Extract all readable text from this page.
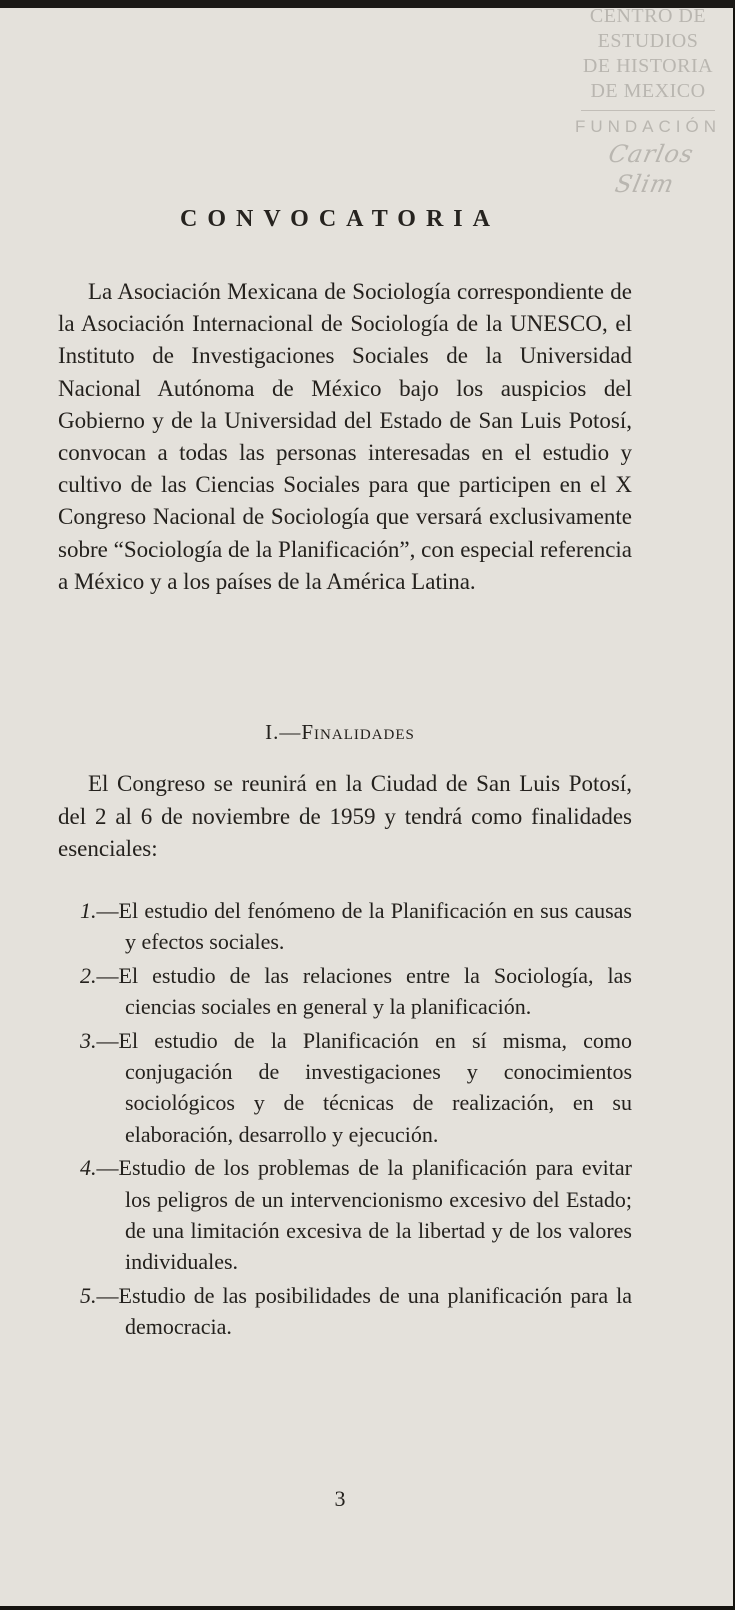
CENTRO DE
ESTUDIOS
DE HISTORIA
DE MEXICO
FUNDACIÓN
Carlos Slim
CONVOCATORIA

La Asociación Mexicana de Sociología correspondiente de la Asociación Internacional de Sociología de la UNESCO, el Instituto de Investigaciones Sociales de la Universidad Nacional Autónoma de México bajo los auspicios del Gobierno y de la Universidad del Estado de San Luis Potosí, convocan a todas las personas interesadas en el estudio y cultivo de las Ciencias Sociales para que participen en el X Congreso Nacional de Sociología que versará exclusivamente sobre “Sociología de la Planificación”, con especial referencia a México y a los países de la América Latina.

I.—Finalidades

El Congreso se reunirá en la Ciudad de San Luis Potosí, del 2 al 6 de noviembre de 1959 y tendrá como finalidades esenciales:

1.—El estudio del fenómeno de la Planificación en sus causas y efectos sociales.
2.—El estudio de las relaciones entre la Sociología, las ciencias sociales en general y la planificación.
3.—El estudio de la Planificación en sí misma, como conjugación de investigaciones y conocimientos sociológicos y de técnicas de realización, en su elaboración, desarrollo y ejecución.
4.—Estudio de los problemas de la planificación para evitar los peligros de un intervencionismo excesivo del Estado; de una limitación excesiva de la libertad y de los valores individuales.
5.—Estudio de las posibilidades de una planificación para la democracia.
3
